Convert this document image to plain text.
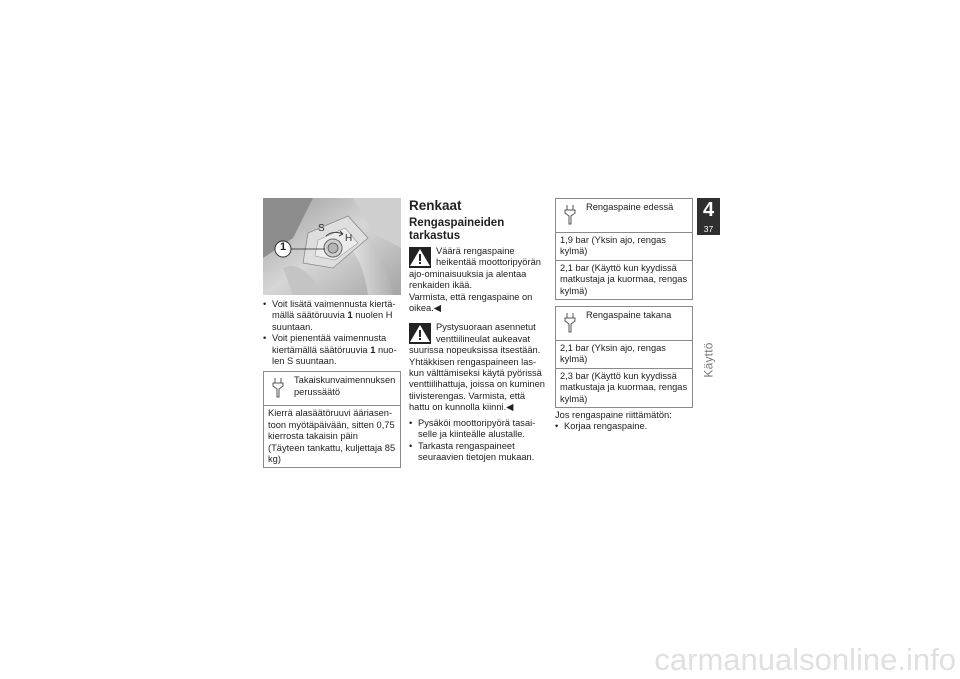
1
S
H
• Voit lisätä vaimennusta kiertämällä säätöruuvia 1 nuolen H suuntaan.
• Voit pienentää vaimennusta kiertämällä säätöruuvia 1 nuolen S suuntaan.
Takaiskunvaimennuksen
perussäätö
Kierrä alasäätöruuvi ääriasentoon myötäpäivään, sitten 0,75 kierrosta takaisin päin (Täyteen tankattu, kuljettaja 85 kg)
Renkaat
Rengaspaineiden tarkastus

Väärä rengaspaine heikentää moottoripyörän ajo-ominaisuuksia ja alentaa renkaiden ikää.

Varmista, että rengaspaine on oikea.◀

Pystysuoraan asennetut venttiilineulat aukeavat suurissa nopeuksissa itsestään.

Yhtäkkisen rengaspaineen laskun välttämiseksi käytä pyörissä venttiilihattuja, joissa on kuminen tiivisterengas. Varmista, että hattu on kunnolla kiinni.◀

• Pysäköi moottoripyörä tasaiselle ja kiinteälle alustalle.
• Tarkasta rengaspaineet seuraavien tietojen mukaan.
Rengaspaine edessä
1,9 bar (Yksin ajo, rengas kylmä)
2,1 bar (Käyttö kun kyydissä matkustaja ja kuormaa, rengas kylmä)
Rengaspaine takana
2,1 bar (Yksin ajo, rengas kylmä)
2,3 bar (Käyttö kun kyydissä matkustaja ja kuormaa, rengas kylmä)

Jos rengaspaine riittämätön:

• Korjaa rengaspaine.
4
37
Käyttö
carmanualsonline.info
